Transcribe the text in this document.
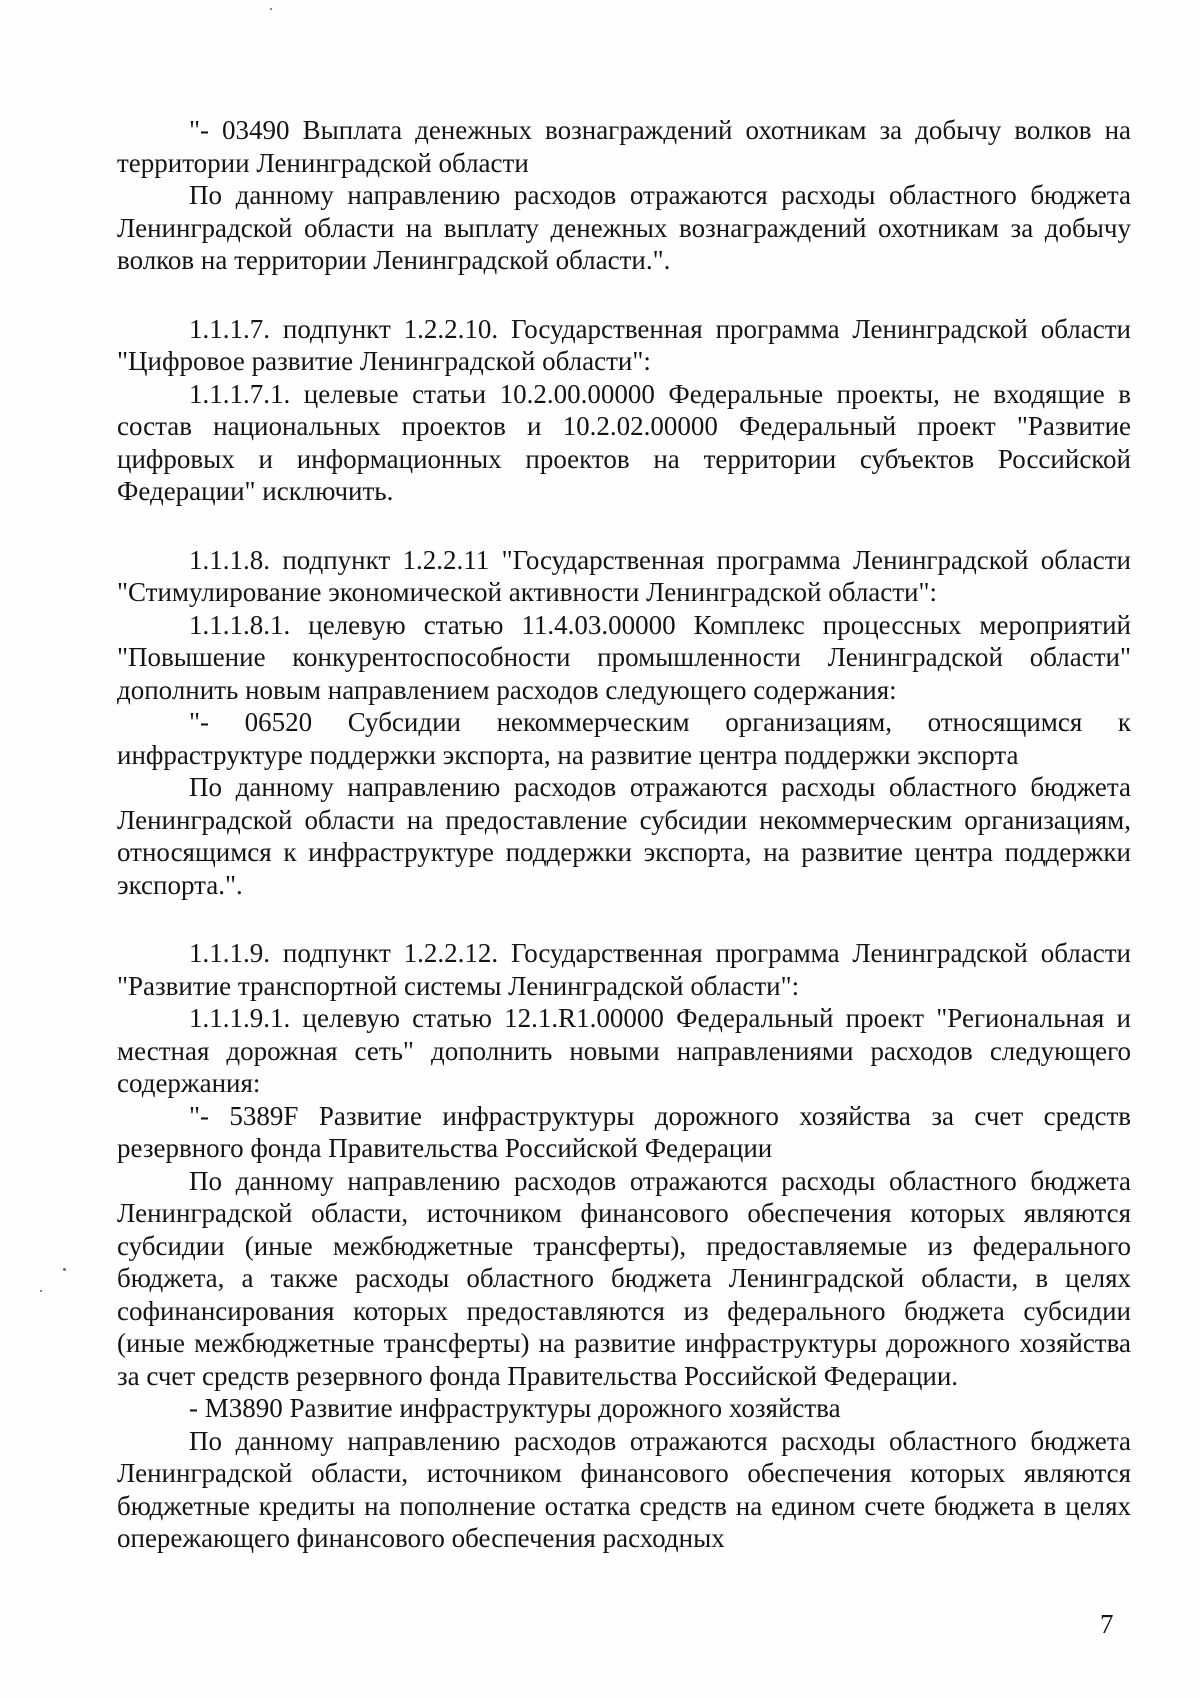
"- 03490 Выплата денежных вознаграждений охотникам за добычу волков на территории Ленинградской области

По данному направлению расходов отражаются расходы областного бюджета Ленинградской области на выплату денежных вознаграждений охотникам за добычу волков на территории Ленинградской области.".

1.1.1.7. подпункт 1.2.2.10. Государственная программа Ленинградской области "Цифровое развитие Ленинградской области":

1.1.1.7.1. целевые статьи 10.2.00.00000 Федеральные проекты, не входящие в состав национальных проектов и 10.2.02.00000 Федеральный проект "Развитие цифровых и информационных проектов на территории субъектов Российской Федерации" исключить.

1.1.1.8. подпункт 1.2.2.11 "Государственная программа Ленинградской области "Стимулирование экономической активности Ленинградской области":

1.1.1.8.1. целевую статью 11.4.03.00000 Комплекс процессных мероприятий "Повышение конкурентоспособности промышленности Ленинградской области" дополнить новым направлением расходов следующего содержания:

"- 06520 Субсидии некоммерческим организациям, относящимся к инфраструктуре поддержки экспорта, на развитие центра поддержки экспорта

По данному направлению расходов отражаются расходы областного бюджета Ленинградской области на предоставление субсидии некоммерческим организациям, относящимся к инфраструктуре поддержки экспорта, на развитие центра поддержки экспорта.".

1.1.1.9. подпункт 1.2.2.12. Государственная программа Ленинградской области "Развитие транспортной системы Ленинградской области":

1.1.1.9.1. целевую статью 12.1.R1.00000 Федеральный проект "Региональная и местная дорожная сеть" дополнить новыми направлениями расходов следующего содержания:

"- 5389F Развитие инфраструктуры дорожного хозяйства за счет средств резервного фонда Правительства Российской Федерации

По данному направлению расходов отражаются расходы областного бюджета Ленинградской области, источником финансового обеспечения которых являются субсидии (иные межбюджетные трансферты), предоставляемые из федерального бюджета, а также расходы областного бюджета Ленинградской области, в целях софинансирования которых предоставляются из федерального бюджета субсидии (иные межбюджетные трансферты) на развитие инфраструктуры дорожного хозяйства за счет средств резервного фонда Правительства Российской Федерации.

- М3890 Развитие инфраструктуры дорожного хозяйства

По данному направлению расходов отражаются расходы областного бюджета Ленинградской области, источником финансового обеспечения которых являются бюджетные кредиты на пополнение остатка средств на едином счете бюджета в целях опережающего финансового обеспечения расходных

7
